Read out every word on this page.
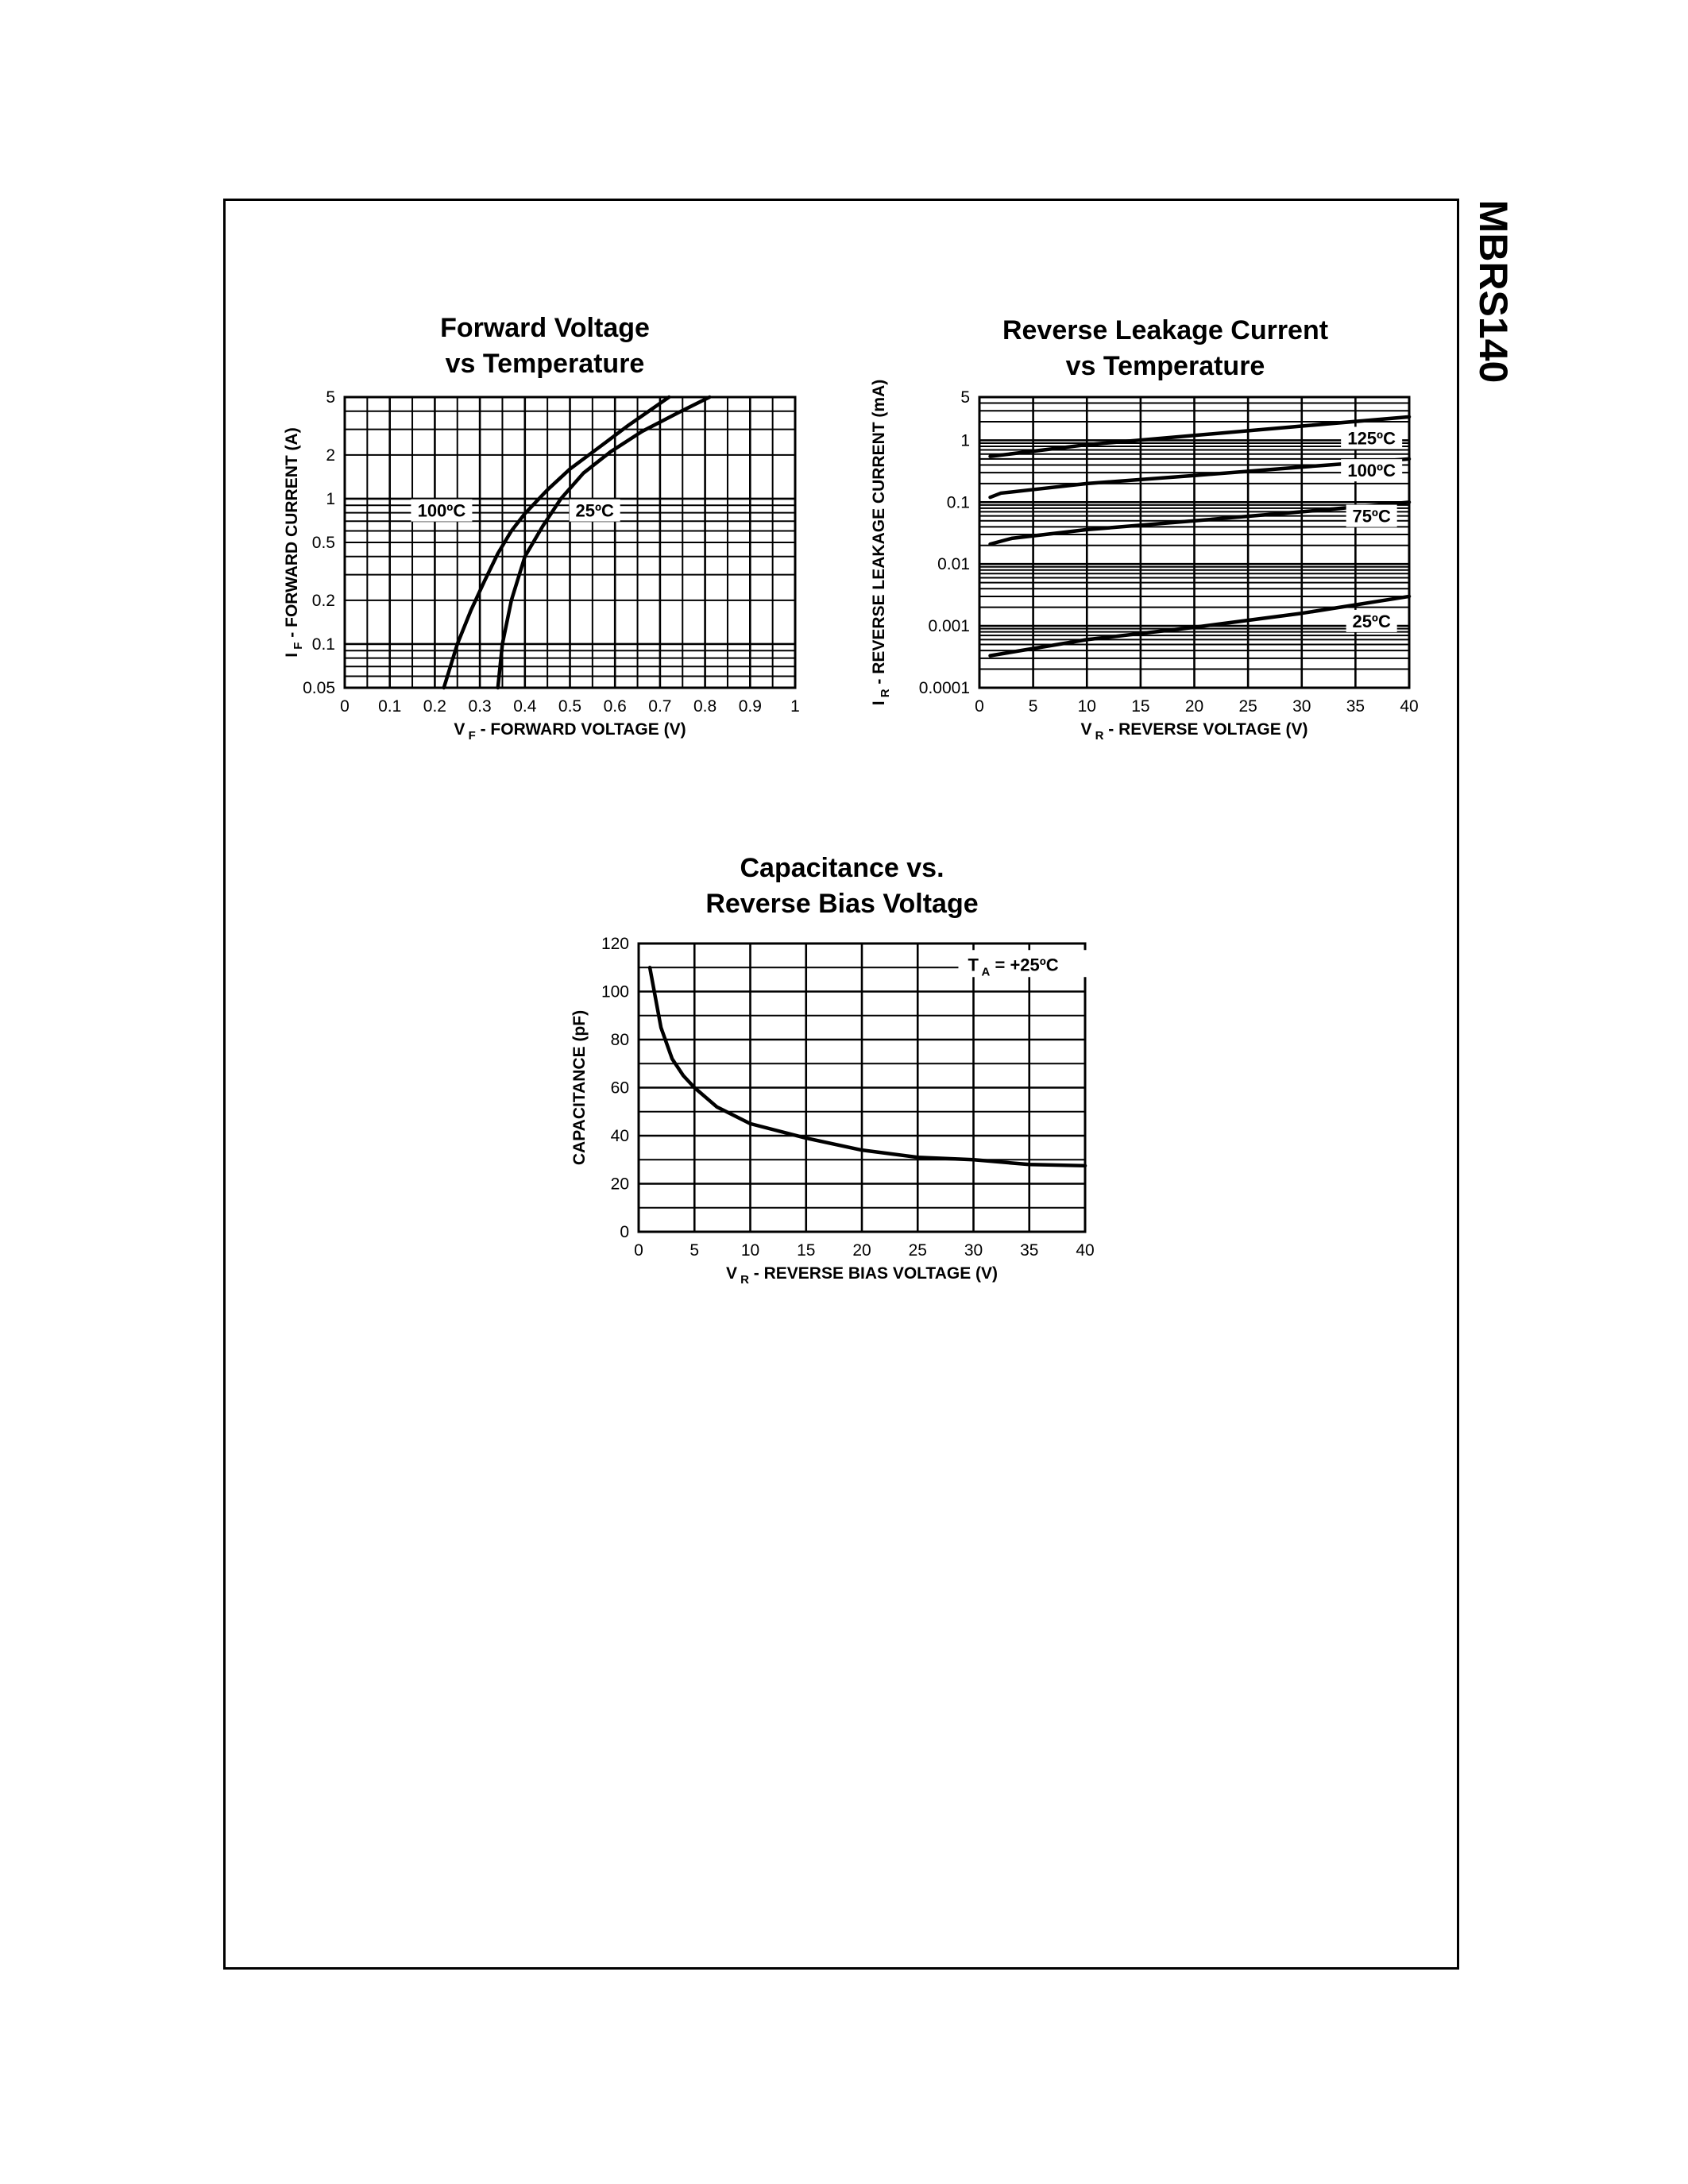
MBRS140
Forward Voltage
vs Temperature
0 0.1 0.2 0.3 0.4 0.5 0.6 0.7 0.8 0.9 1
0.05
0.1
0.2
0.5
1
2
5
V $_F$ - FORWARD VOLTAGE (V)
I $_F$ - FORWARD CURRENT (A)	100ºC	25ºC
Reverse Leakage Current
vs Temperature
0	5 10 15 20 25 30 35 40
0.0001
0.001
0.01
0.1
1
5
V $_R$ - REVERSE VOLTAGE (V)
I $_R$ - REVERSE LEAKAGE CURRENT (mA)	125ºC
100ºC
75ºC
25ºC
Capacitance vs.
Reverse Bias Voltage
0	5	10 15 20 25 30 35 40
0
20
40
60
80
100
120
V $_R$ - REVERSE BIAS VOLTAGE (V)
CAPACITANCE (pF)
T $_A$ = +25ºC
